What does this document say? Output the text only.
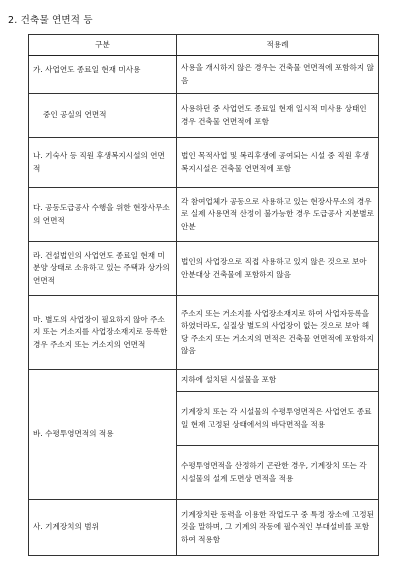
2. 건축물 연면적 등
구분	적용례
가. 사업연도 종료일 현재 미사용	사용을 개시하지 않은 경우는 건축물 연면적에 포함하지 않음
중인 공실의 연면적	사용하던 중 사업연도 종료일 현재 일시적 미사용 상태인 경우 건축물 연면적에 포함
나. 기숙사 등 직원 후생복지시설의 연면적	법인 목적사업 및 복리후생에 공여되는 시설 중 직원 후생복지시설은 건축물 연면적에 포함
다. 공동도급공사 수행을 위한 현장사무소의 연면적	각 참여업체가 공동으로 사용하고 있는 현장사무소의 경우로 실제 사용면적 산정이 불가능한 경우 도급공사 지분별로 안분
라. 건설법인의 사업연도 종료일 현재 미분양 상태로 소유하고 있는 주택과 상가의 연면적	법인의 사업장으로 직접 사용하고 있지 않은 것으로 보아 안분대상 건축물에 포함하지 않음
마. 별도의 사업장이 필요하지 않아 주소지 또는 거소지를 사업장소재지로 등록한 경우 주소지 또는 거소지의 연면적	주소지 또는 거소지를 사업장소재지로 하여 사업자등록을 하였더라도, 실질상 별도의 사업장이 없는 것으로 보아 해당 주소지 또는 거소지의 면적은 건축물 연면적에 포함하지 않음
바. 수평투영면적의 적용	지하에 설치된 시설물을 포함
	기계장치 또는 각 시설물의 수평투영면적은 사업연도 종료일 현재 고정된 상태에서의 바닥면적을 적용
	수평투영면적을 산정하기 곤란한 경우, 기계장치 또는 각 시설물의 설계 도면상 면적을 적용
사. 기계장치의 범위	기계장치란 동력을 이용한 작업도구 중 특정 장소에 고정된 것을 말하며, 그 기계의 작동에 필수적인 부대설비를 포함하여 적용함
